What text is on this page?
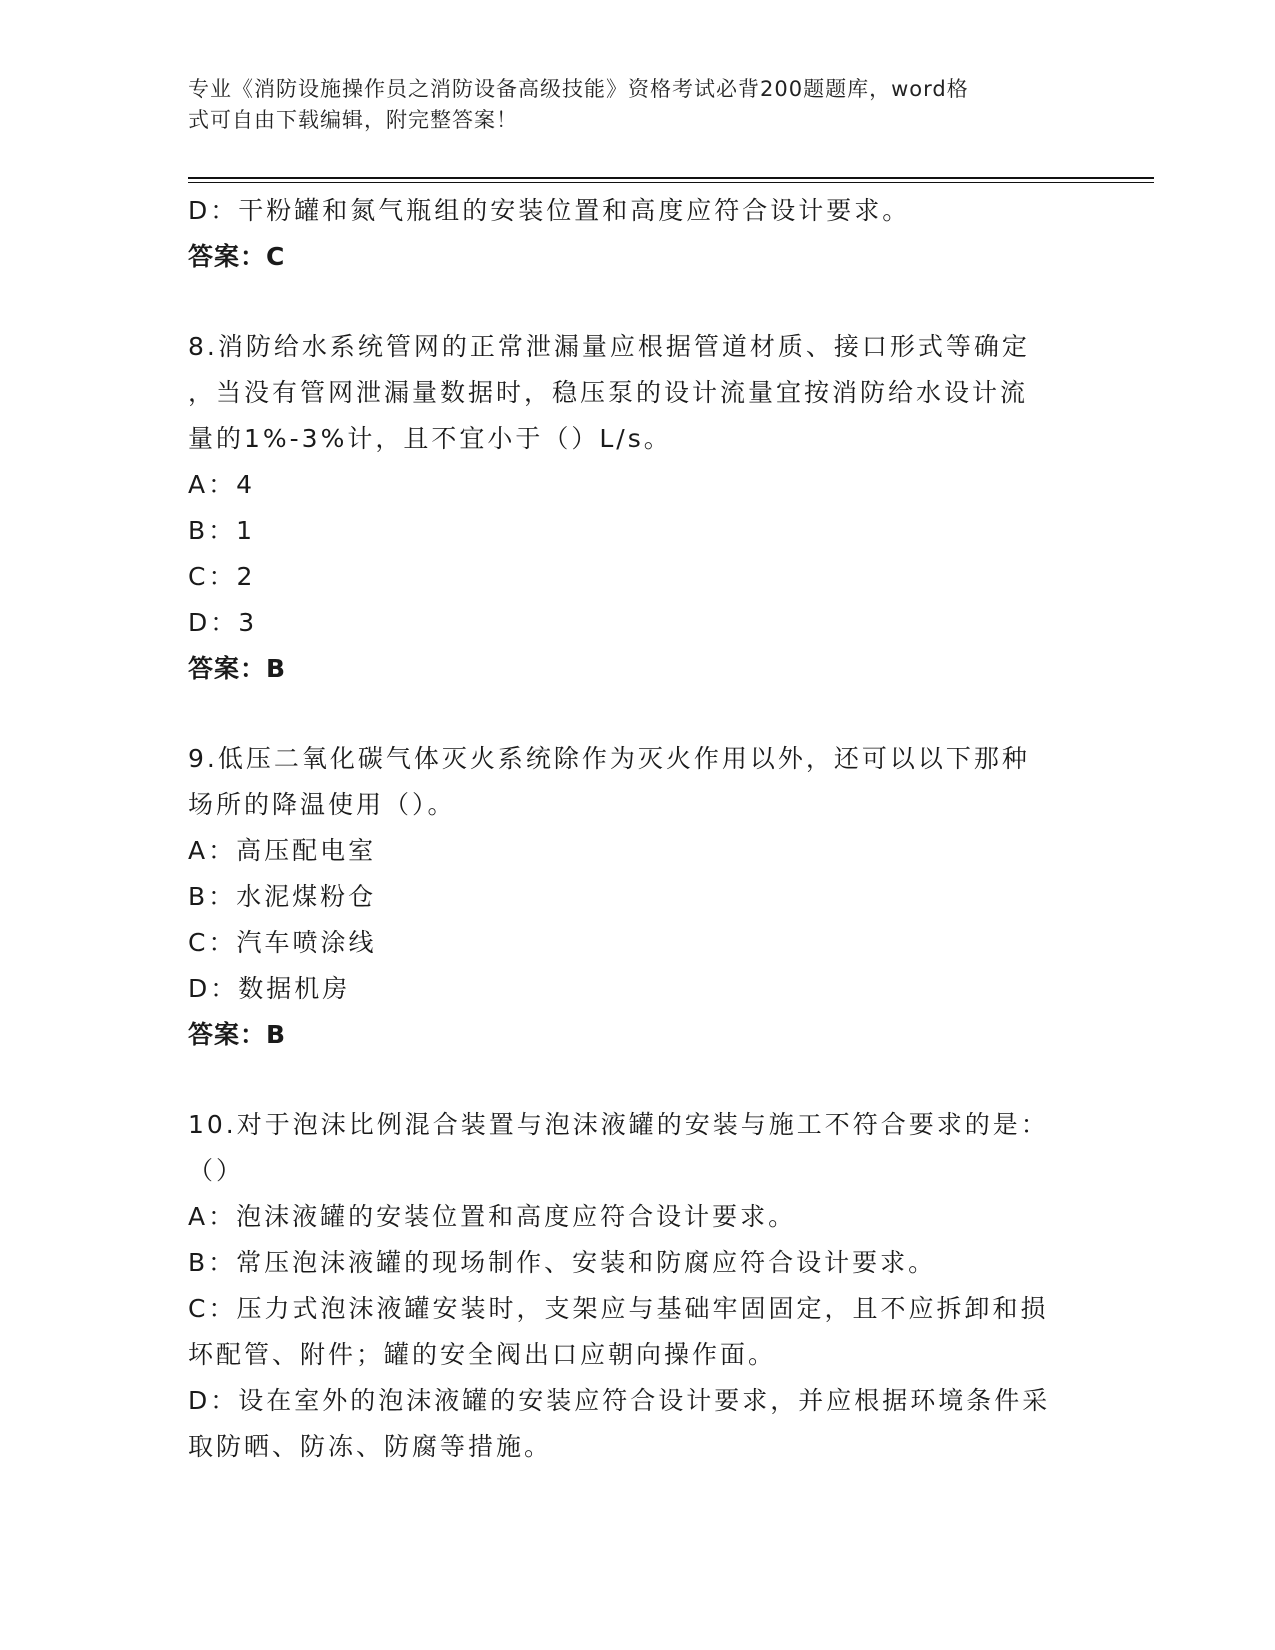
专业《消防设施操作员之消防设备高级技能》资格考试必背200题题库，word格
式可自由下载编辑，附完整答案！

D：干粉罐和氮气瓶组的安装位置和高度应符合设计要求。

答案：C

8.消防给水系统管网的正常泄漏量应根据管道材质、接口形式等确定

，当没有管网泄漏量数据时，稳压泵的设计流量宜按消防给水设计流

量的1%-3%计，且不宜小于（）L/s。

A：4

B：1

C：2

D：3

答案：B

9.低压二氧化碳气体灭火系统除作为灭火作用以外，还可以以下那种

场所的降温使用（）。

A：高压配电室

B：水泥煤粉仓

C：汽车喷涂线

D：数据机房

答案：B

10.对于泡沫比例混合装置与泡沫液罐的安装与施工不符合要求的是：

（）

A：泡沫液罐的安装位置和高度应符合设计要求。

B：常压泡沫液罐的现场制作、安装和防腐应符合设计要求。

C：压力式泡沫液罐安装时，支架应与基础牢固固定，且不应拆卸和损

坏配管、附件；罐的安全阀出口应朝向操作面。

D：设在室外的泡沫液罐的安装应符合设计要求，并应根据环境条件采

取防晒、防冻、防腐等措施。
